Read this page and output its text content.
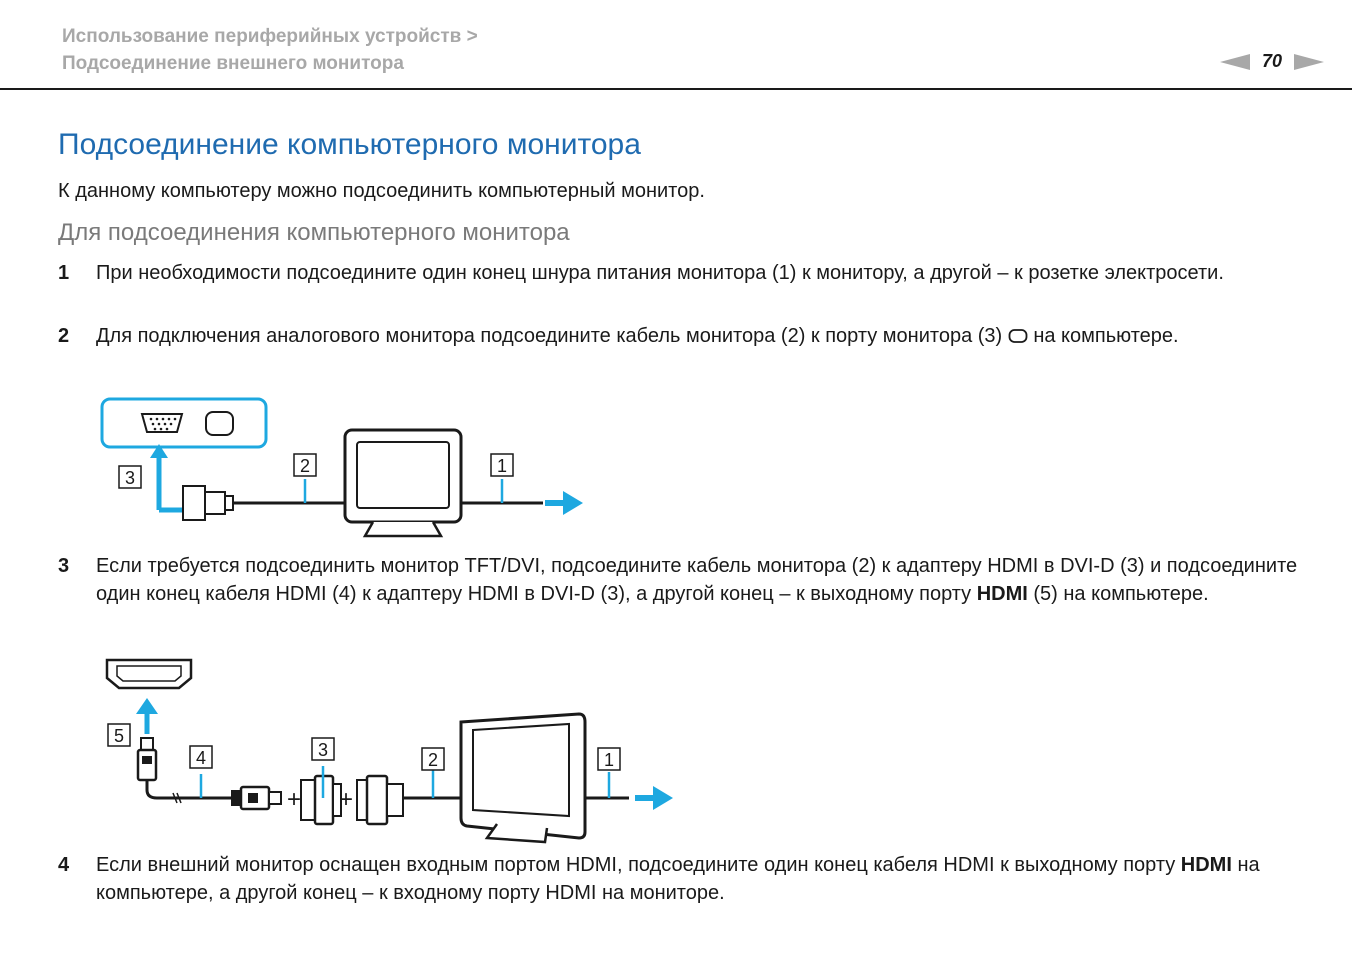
Использование периферийных устройств >
Подсоединение внешнего монитора	70
Подсоединение компьютерного монитора
К данному компьютеру можно подсоединить компьютерный монитор.
Для подсоединения компьютерного монитора
1	При необходимости подсоедините один конец шнура питания монитора (1) к монитору, а другой – к розетке электросети.
2	Для подключения аналогового монитора подсоедините кабель монитора (2) к порту монитора (3)  на компьютере.
3
2	1
3	Если требуется подсоединить монитор TFT/DVI, подсоедините кабель монитора (2) к адаптеру HDMI в DVI-D (3) и подсоедините один конец кабеля HDMI (4) к адаптеру HDMI в DVI-D (3), а другой конец – к выходному порту HDMI (5) на компьютере.
5
4
+
3
+
2	1
4	Если внешний монитор оснащен входным портом HDMI, подсоедините один конец кабеля HDMI к выходному порту HDMI на компьютере, а другой конец – к входному порту HDMI на мониторе.
